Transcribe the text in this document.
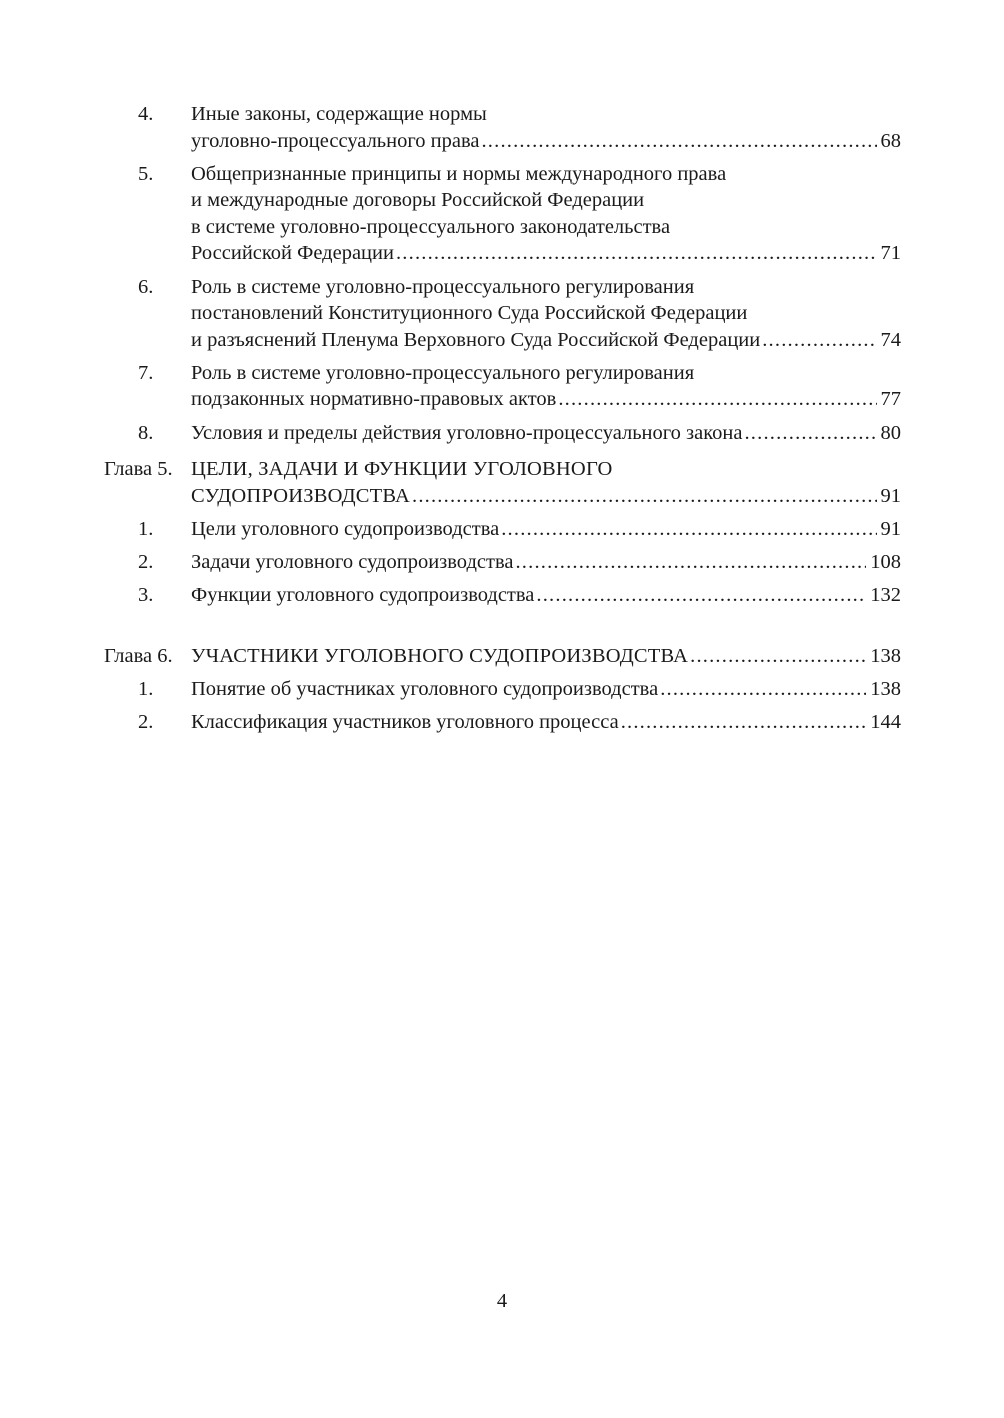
4.	Иные законы, содержащие нормы
уголовно-процессуального права .....	68
5.	Общепризнанные принципы и нормы международного права
и международные договоры Российской Федерации
в системе уголовно-процессуального законодательства
Российской Федерации .....	71
6.	Роль в системе уголовно-процессуального регулирования
постановлений Конституционного Суда Российской Федерации
и разъяснений Пленума Верховного Суда Российской Федерации .....	74
7.	Роль в системе уголовно-процессуального регулирования
подзаконных нормативно-правовых актов .....	77
8.	Условия и пределы действия уголовно-процессуального закона .....	80
Глава 5. ЦЕЛИ, ЗАДАЧИ И ФУНКЦИИ УГОЛОВНОГО
СУДОПРОИЗВОДСТВА .....	91
1.	Цели уголовного судопроизводства .....	91
2.	Задачи уголовного судопроизводства .....	108
3.	Функции уголовного судопроизводства .....	132
Глава 6. УЧАСТНИКИ УГОЛОВНОГО СУДОПРОИЗВОДСТВА .....	138
1.	Понятие об участниках уголовного судопроизводства .....	138
2.	Классификация участников уголовного процесса .....	144
4
